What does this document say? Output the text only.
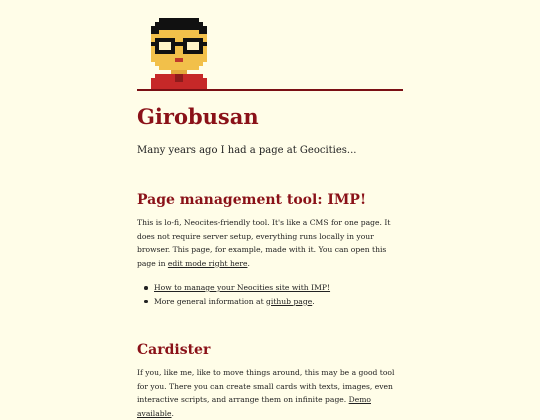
Girobusan

Many years ago I had a page at Geocities...

Page management tool: IMP!

This is lo-fi, Neocites-friendly tool. It's like a CMS for one page. It does not require server setup, everything runs locally in your browser. This page, for example, made with it. You can open this page in edit mode right here.

How to manage your Neocities site with IMP!
More general information at github page.
Cardister

If you, like me, like to move things around, this may be a good tool for you. There you can create small cards with texts, images, even interactive scripts, and arrange them on infinite page. Demo available.
